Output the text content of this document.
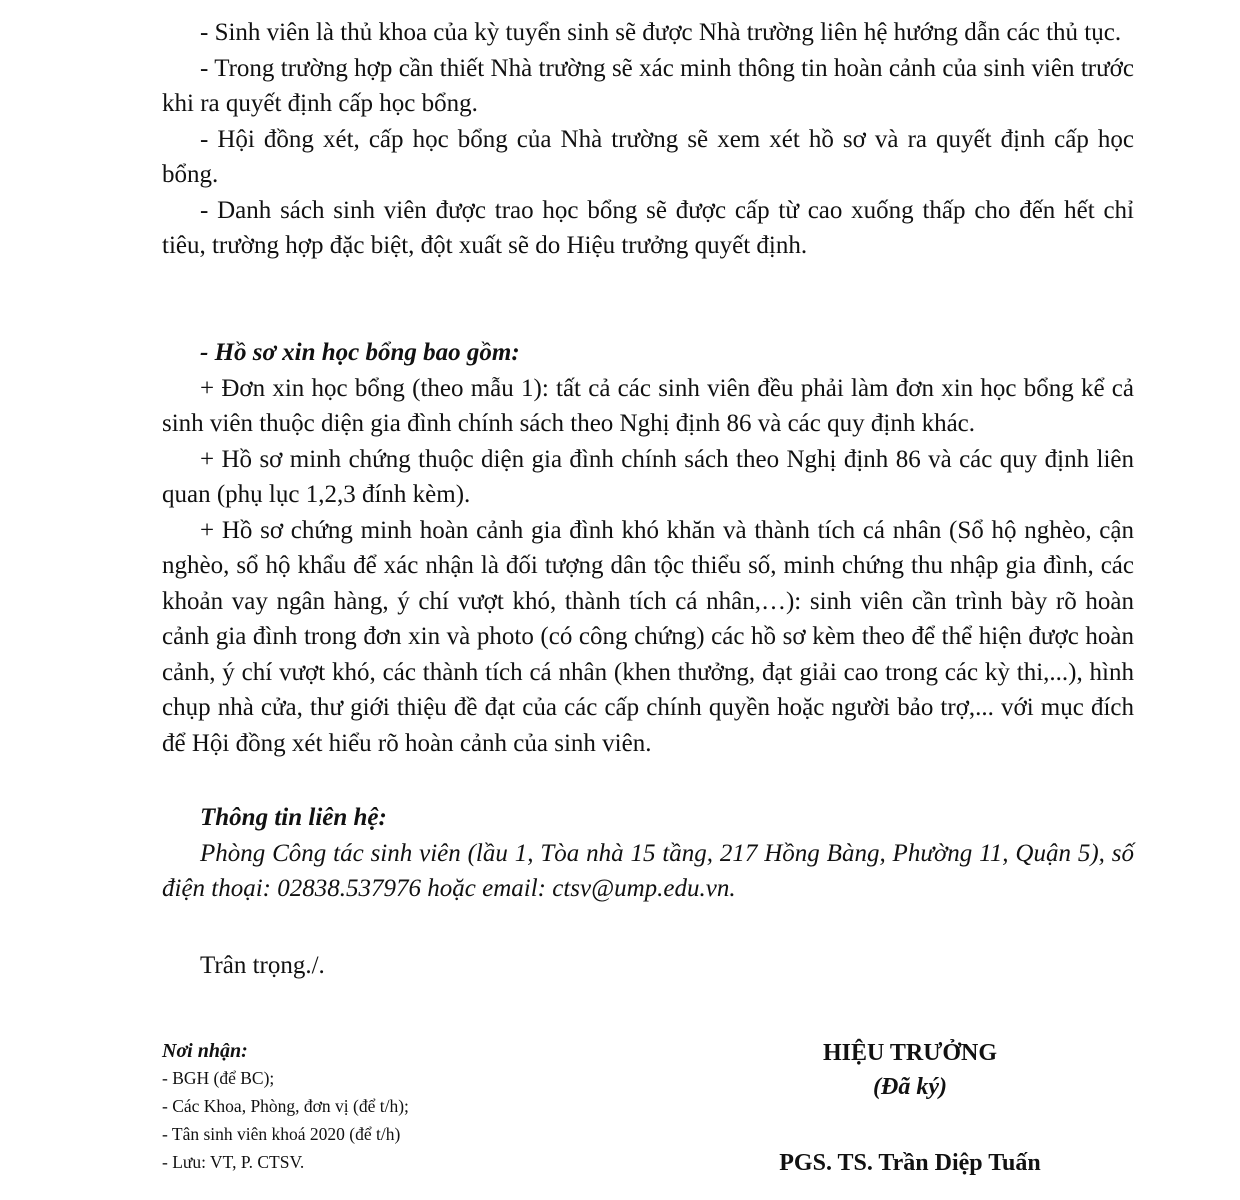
- Sinh viên là thủ khoa của kỳ tuyển sinh sẽ được Nhà trường liên hệ hướng dẫn các thủ tục.

- Trong trường hợp cần thiết Nhà trường sẽ xác minh thông tin hoàn cảnh của sinh viên trước khi ra quyết định cấp học bổng.

- Hội đồng xét, cấp học bổng của Nhà trường sẽ xem xét hồ sơ và ra quyết định cấp học bổng.

- Danh sách sinh viên được trao học bổng sẽ được cấp từ cao xuống thấp cho đến hết chỉ tiêu, trường hợp đặc biệt, đột xuất sẽ do Hiệu trưởng quyết định.

- Hồ sơ xin học bổng bao gồm:

+ Đơn xin học bổng (theo mẫu 1): tất cả các sinh viên đều phải làm đơn xin học bổng kể cả sinh viên thuộc diện gia đình chính sách theo Nghị định 86 và các quy định khác.

+ Hồ sơ minh chứng thuộc diện gia đình chính sách theo Nghị định 86 và các quy định liên quan (phụ lục 1,2,3 đính kèm).

+ Hồ sơ chứng minh hoàn cảnh gia đình khó khăn và thành tích cá nhân (Sổ hộ nghèo, cận nghèo, sổ hộ khẩu để xác nhận là đối tượng dân tộc thiểu số, minh chứng thu nhập gia đình, các khoản vay ngân hàng, ý chí vượt khó, thành tích cá nhân,…): sinh viên cần trình bày rõ hoàn cảnh gia đình trong đơn xin và photo (có công chứng) các hồ sơ kèm theo để thể hiện được hoàn cảnh, ý chí vượt khó, các thành tích cá nhân (khen thưởng, đạt giải cao trong các kỳ thi,...), hình chụp nhà cửa, thư giới thiệu đề đạt của các cấp chính quyền hoặc người bảo trợ,... với mục đích để Hội đồng xét hiểu rõ hoàn cảnh của sinh viên.

Thông tin liên hệ:

Phòng Công tác sinh viên (lầu 1, Tòa nhà 15 tầng, 217 Hồng Bàng, Phường 11, Quận 5), số điện thoại: 02838.537976 hoặc email: ctsv@ump.edu.vn.

Trân trọng./.

Nơi nhận:
- BGH (để BC);
- Các Khoa, Phòng, đơn vị (để t/h);
- Tân sinh viên khoá 2020 (để t/h)
- Lưu: VT, P. CTSV.
HIỆU TRƯỞNG
(Đã ký)
PGS. TS. Trần Diệp Tuấn
